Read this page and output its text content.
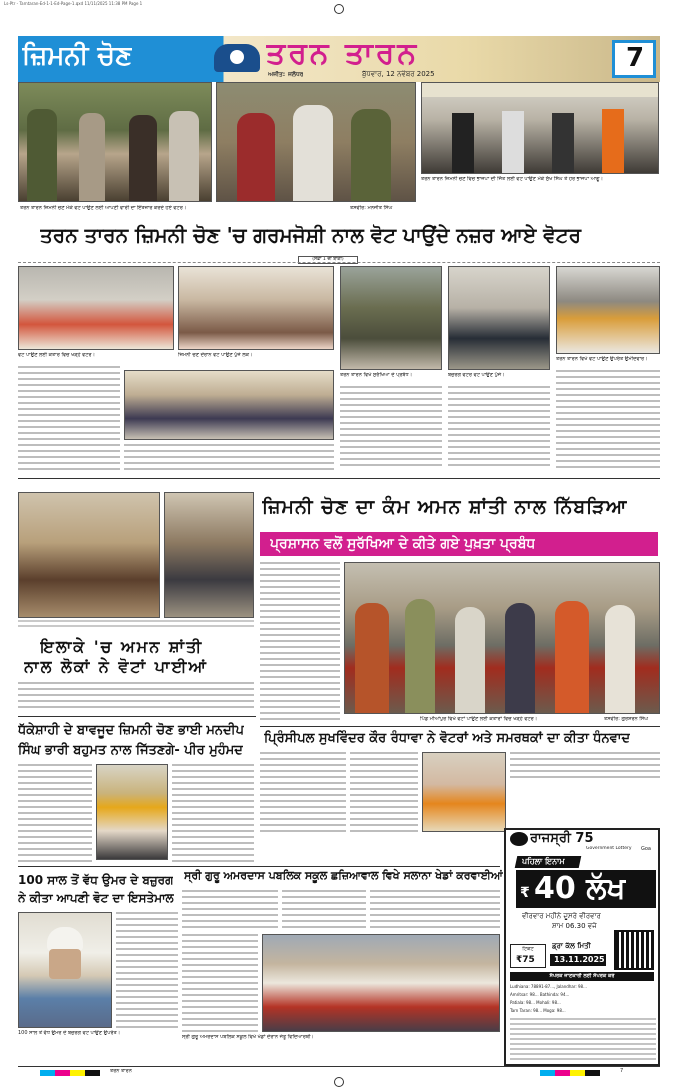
Ls-Ptr - Tarntaran-Ed-1-1-Ed-Page-1.qxd 11/11/2025 11:38 PM Page 1
ਜ਼ਿਮਨੀ ਚੋਣ	ਤਰਨ ਤਾਰਨ
ਅਜੀਤ: ਜਲੰਧਰ	ਬੁੱਧਵਾਰ, 12 ਨਵੰਬਰ 2025
7
ਤਰਨ ਤਾਰਨ ਜ਼ਿਮਨੀ ਚੋਣ ਮੌਕੇ ਵੋਟ ਪਾਉਣ ਲਈ ਆਪਣੀ ਵਾਰੀ ਦਾ ਇੰਤਜ਼ਾਰ ਕਰਦੇ ਹੋਏ ਵੋਟਰ।	ਤਸਵੀਰ: ਮਨਜੀਤ ਸਿੰਘ
ਤਰਨ ਤਾਰਨ ਜ਼ਿਮਨੀ ਚੋਣ ਵਿਚ ਭਾਜਪਾ ਦੀ ਜਿੱਤ ਲਈ ਵੋਟ ਪਾਉਣ ਮੌਕੇ ਸੁੱਖ ਸਿੰਘ ਤੇ ਹੋਰ ਭਾਜਪਾ ਆਗੂ।
ਤਰਨ ਤਾਰਨ ਜ਼ਿਮਨੀ ਚੋਣ 'ਚ ਗਰਮਜੋਸ਼ੀ ਨਾਲ ਵੋਟ ਪਾਉਂਦੇ ਨਜ਼ਰ ਆਏ ਵੋਟਰ
(ਸਫ਼ਾ 1 ਦੀ ਬਾਕੀ)
ਵੋਟ ਪਾਉਣ ਲਈ ਕਤਾਰ ਵਿਚ ਖੜ੍ਹੇ ਵੋਟਰ।	ਜ਼ਿਮਨੀ ਚੋਣ ਦੌਰਾਨ ਵੋਟ ਪਾਉਣ ਪੁੱਜੇ ਲੋਕ।
ਤਰਨ ਤਾਰਨ ਵਿਖੇ ਸੁਰੱਖਿਆ ਦੇ ਪ੍ਰਬੰਧ।	ਬਜ਼ੁਰਗ ਵੋਟਰ ਵੋਟ ਪਾਉਣ ਪੁੱਜੇ।
ਤਰਨ ਤਾਰਨ ਵਿਖੇ ਵੋਟ ਪਾਉਣ ਉਪਰੰਤ ਉਮੀਦਵਾਰ।
ਇਲਾਕੇ 'ਚ ਅਮਨ ਸ਼ਾਂਤੀ
ਨਾਲ ਲੋਕਾਂ ਨੇ ਵੋਟਾਂ ਪਾਈਆਂ
ਜ਼ਿਮਨੀ ਚੋਣ ਦਾ ਕੰਮ ਅਮਨ ਸ਼ਾਂਤੀ ਨਾਲ ਨਿੱਬੜਿਆ
ਪ੍ਰਸ਼ਾਸਨ ਵਲੋਂ ਸੁਰੱਖਿਆ ਦੇ ਕੀਤੇ ਗਏ ਪੁਖ਼ਤਾ ਪ੍ਰਬੰਧ
ਪਿੰਡ ਮੀਆਂਪੁਰ ਵਿਖੇ ਵੋਟਾਂ ਪਾਉਣ ਲਈ ਕਤਾਰਾਂ ਵਿਚ ਖੜ੍ਹੇ ਵੋਟਰ।	ਤਸਵੀਰ: ਗੁਰਸ਼ਰਨ ਸਿੰਘ
ਧੱਕੇਸ਼ਾਹੀ ਦੇ ਬਾਵਜੂਦ ਜ਼ਿਮਨੀ ਚੋਣ ਭਾਈ ਮਨਦੀਪ
ਸਿੰਘ ਭਾਰੀ ਬਹੁਮਤ ਨਾਲ ਜਿੱਤਣਗੇ- ਪੀਰ ਮੁਹੰਮਦ
ਪ੍ਰਿੰਸੀਪਲ ਸੁਖਵਿੰਦਰ ਕੌਰ ਰੰਧਾਵਾ ਨੇ ਵੋਟਰਾਂ ਅਤੇ ਸਮਰਥਕਾਂ ਦਾ ਕੀਤਾ ਧੰਨਵਾਦ
100 ਸਾਲ ਤੋਂ ਵੱਧ ਉਮਰ ਦੇ ਬਜ਼ੁਰਗ
ਨੇ ਕੀਤਾ ਆਪਣੀ ਵੋਟ ਦਾ ਇਸਤੇਮਾਲ
100 ਸਾਲ ਤੋਂ ਵੱਧ ਉਮਰ ਦੇ ਬਜ਼ੁਰਗ ਵੋਟ ਪਾਉਣ ਉਪਰੰਤ।
ਸ੍ਰੀ ਗੁਰੂ ਅਮਰਦਾਸ ਪਬਲਿਕ ਸਕੂਲ ਛਜ਼ਿਆਵਾਲ ਵਿਖੇ ਸਲਾਨਾ ਖੇਡਾਂ ਕਰਵਾਈਆਂ
ਸ੍ਰੀ ਗੁਰੂ ਅਮਰਦਾਸ ਪਬਲਿਕ ਸਕੂਲ ਵਿਖੇ ਖੇਡਾਂ ਦੌਰਾਨ ਜੇਤੂ ਵਿਦਿਆਰਥੀ।
ਰਾਜਸ੍ਰੀ 75
Government Lottery	Goa
ਪਹਿਲਾ ਇਨਾਮ
₹ 40 ਲੱਖ
ਵੀਰਵਾਰ ਮਹੀਨੇ ਦੂਸਰੇ ਵੀਰਵਾਰ
ਸ਼ਾਮ 06.30 ਵਜੇ
ਟਿਕਟ
₹75
ਡ੍ਰਾ ਕੱਲ ਮਿਤੀ
13.11.2025
ਸੰਪਰਕ ਜਾਣਕਾਰੀ ਲਈ ਸੰਪਰਕ ਕਰੋ
Ludhiana: 78891-87..., Jalandhar: 98...
Amritsar: 98... Bathinda: 94...
Patiala: 98... Mohali: 98...
Tarn Taran: 98... Moga: 98...
ਤਰਨ ਤਾਰਨ	7
